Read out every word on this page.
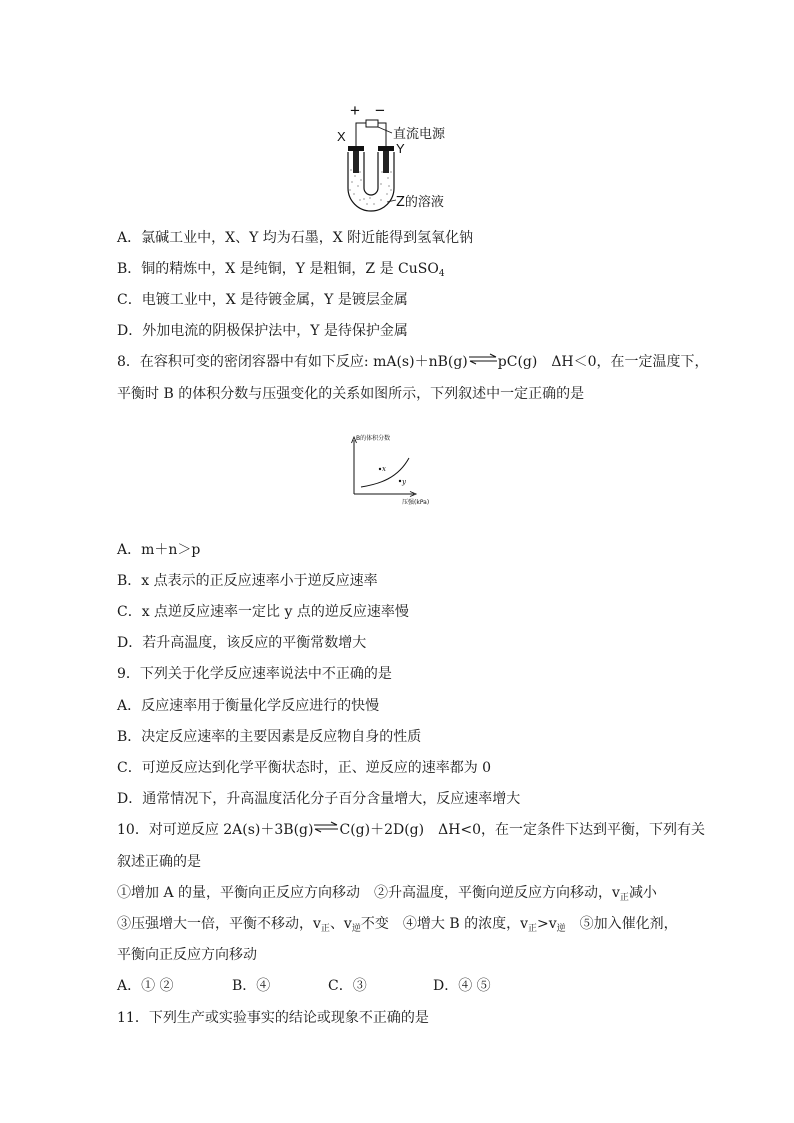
+ −
直流电源
X
Y
Z的溶液
A．氯碱工业中，X、Y 均为石墨，X 附近能得到氢氧化钠
B．铜的精炼中，X 是纯铜，Y 是粗铜，Z 是 CuSO$_4$
C．电镀工业中，X 是待镀金属，Y 是镀层金属
D．外加电流的阴极保护法中，Y 是待保护金属
8．在容积可变的密闭容器中有如下反应: mA(s)＋nB(g)⇌pC(g)　ΔH＜0，在一定温度下，
平衡时 B 的体积分数与压强变化的关系如图所示，下列叙述中一定正确的是
B的体积分数
压强(kPa)
x
y
A．m＋n＞p
B．x 点表示的正反应速率小于逆反应速率
C．x 点逆反应速率一定比 y 点的逆反应速率慢
D．若升高温度，该反应的平衡常数增大
9．下列关于化学反应速率说法中不正确的是
A．反应速率用于衡量化学反应进行的快慢
B．决定反应速率的主要因素是反应物自身的性质
C．可逆反应达到化学平衡状态时，正、逆反应的速率都为 0
D．通常情况下，升高温度活化分子百分含量增大，反应速率增大
10．对可逆反应 2A(s)＋3B(g)⇌C(g)＋2D(g)　ΔH<0，在一定条件下达到平衡，下列有关
叙述正确的是
①增加 A 的量，平衡向正反应方向移动　②升高温度，平衡向逆反应方向移动，$v_正$减小
③压强增大一倍，平衡不移动，$v_正$、$v_逆$不变　④增大 B 的浓度，$v_正>v_逆$　⑤加入催化剂，
平衡向正反应方向移动
A．① ②	B．④	C．③	D．④ ⑤
11．下列生产或实验事实的结论或现象不正确的是
